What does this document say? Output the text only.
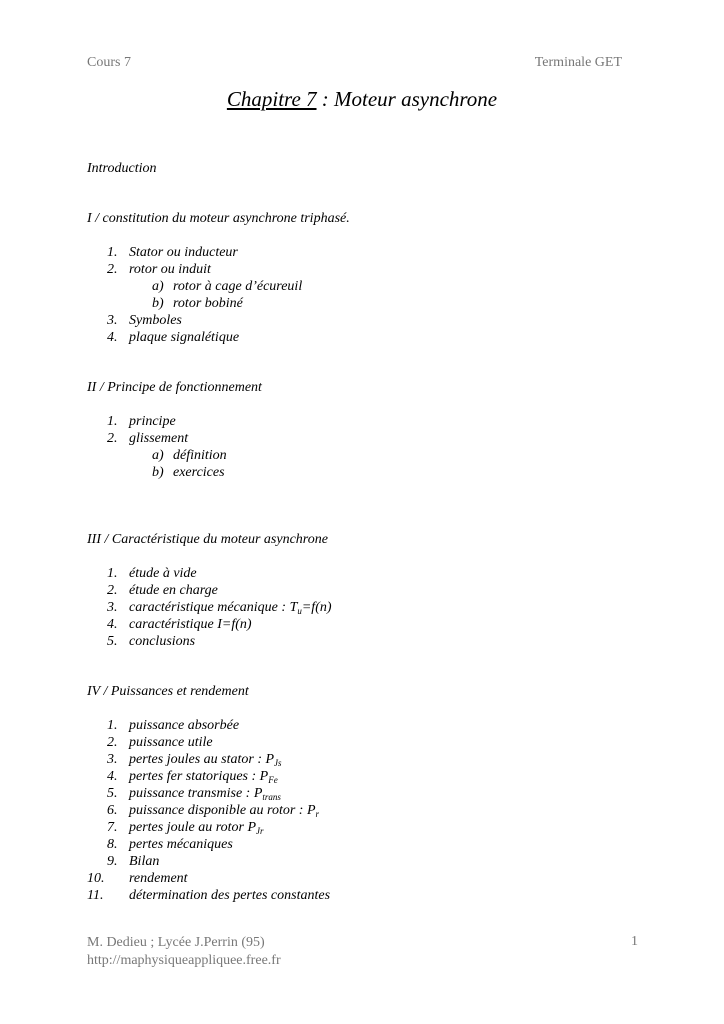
Cours 7	Terminale GET
Chapitre 7 : Moteur asynchrone

Introduction

I / constitution du moteur asynchrone triphasé.

1. Stator ou inducteur
2. rotor ou induit
a) rotor à cage d’écureuil
b) rotor bobiné
3. Symboles
4. plaque signalétique

II / Principe de fonctionnement

1. principe
2. glissement
a) définition
b) exercices

III / Caractéristique du moteur asynchrone

1. étude à vide
2. étude en charge
3. caractéristique mécanique : $T_u=f(n)$
4. caractéristique I=f(n)
5. conclusions

IV / Puissances et rendement

1. puissance absorbée
2. puissance utile
3. pertes joules au stator : $P_{Js}$
4. pertes fer statoriques : $P_{Fe}$
5. puissance transmise : $P_{trans}$
6. puissance disponible au rotor : $P_r$
7. pertes joule au rotor $P_{Jr}$
8. pertes mécaniques
9. Bilan
10. rendement
11. détermination des pertes constantes
M. Dedieu ; Lycée J.Perrin (95)
http://maphysiqueappliquee.free.fr
1
